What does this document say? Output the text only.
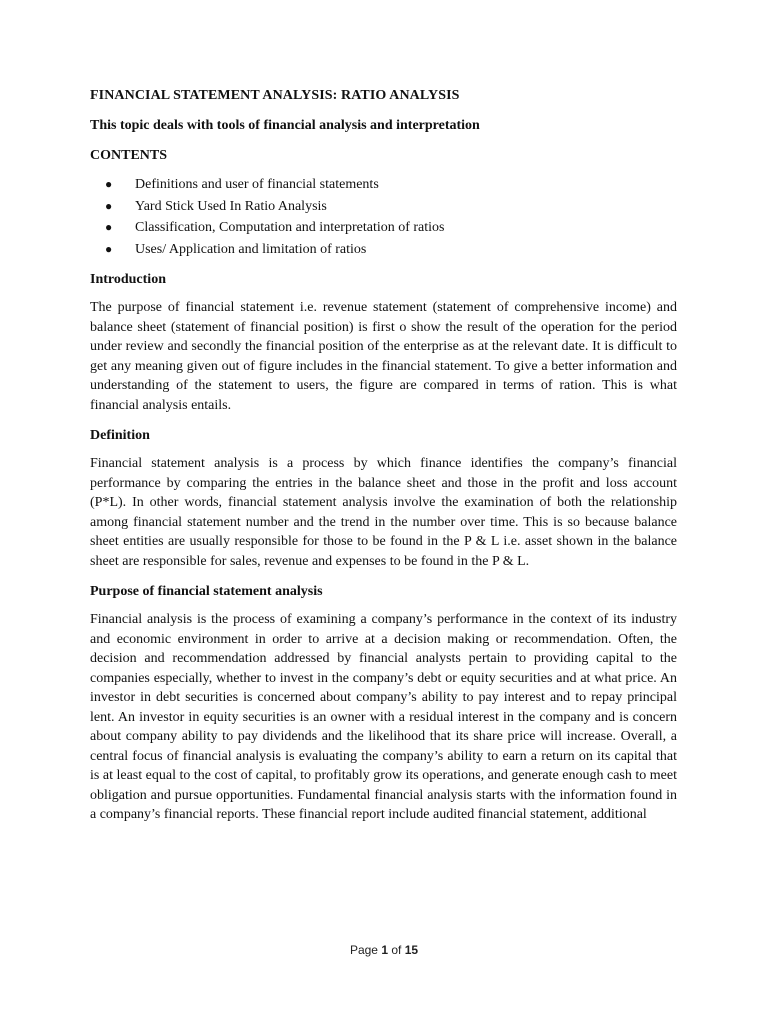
FINANCIAL STATEMENT ANALYSIS: RATIO ANALYSIS
This topic deals with tools of financial analysis and interpretation
CONTENTS
● Definitions and user of financial statements
● Yard Stick Used In Ratio Analysis
● Classification, Computation and interpretation of ratios
● Uses/ Application and limitation of ratios
Introduction

The purpose of financial statement i.e. revenue statement (statement of comprehensive income) and balance sheet (statement of financial position) is first o show the result of the operation for the period under review and secondly the financial position of the enterprise as at the relevant date. It is difficult to get any meaning given out of figure includes in the financial statement. To give a better information and understanding of the statement to users, the figure are compared in terms of ration. This is what financial analysis entails.

Definition

Financial statement analysis is a process by which finance identifies the company’s financial performance by comparing the entries in the balance sheet and those in the profit and loss account (P*L). In other words, financial statement analysis involve the examination of both the relationship among financial statement number and the trend in the number over time. This is so because balance sheet entities are usually responsible for those to be found in the P & L i.e. asset shown in the balance sheet are responsible for sales, revenue and expenses to be found in the P & L.

Purpose of financial statement analysis

Financial analysis is the process of examining a company’s performance in the context of its industry and economic environment in order to arrive at a decision making or recommendation. Often, the decision and recommendation addressed by financial analysts pertain to providing capital to the companies especially, whether to invest in the company’s debt or equity securities and at what price. An investor in debt securities is concerned about company’s ability to pay interest and to repay principal lent. An investor in equity securities is an owner with a residual interest in the company and is concern about company ability to pay dividends and the likelihood that its share price will increase. Overall, a central focus of financial analysis is evaluating the company’s ability to earn a return on its capital that is at least equal to the cost of capital, to profitably grow its operations, and generate enough cash to meet obligation and pursue opportunities. Fundamental financial analysis starts with the information found in a company’s financial reports. These financial report include audited financial statement, additional

Page 1 of 15
